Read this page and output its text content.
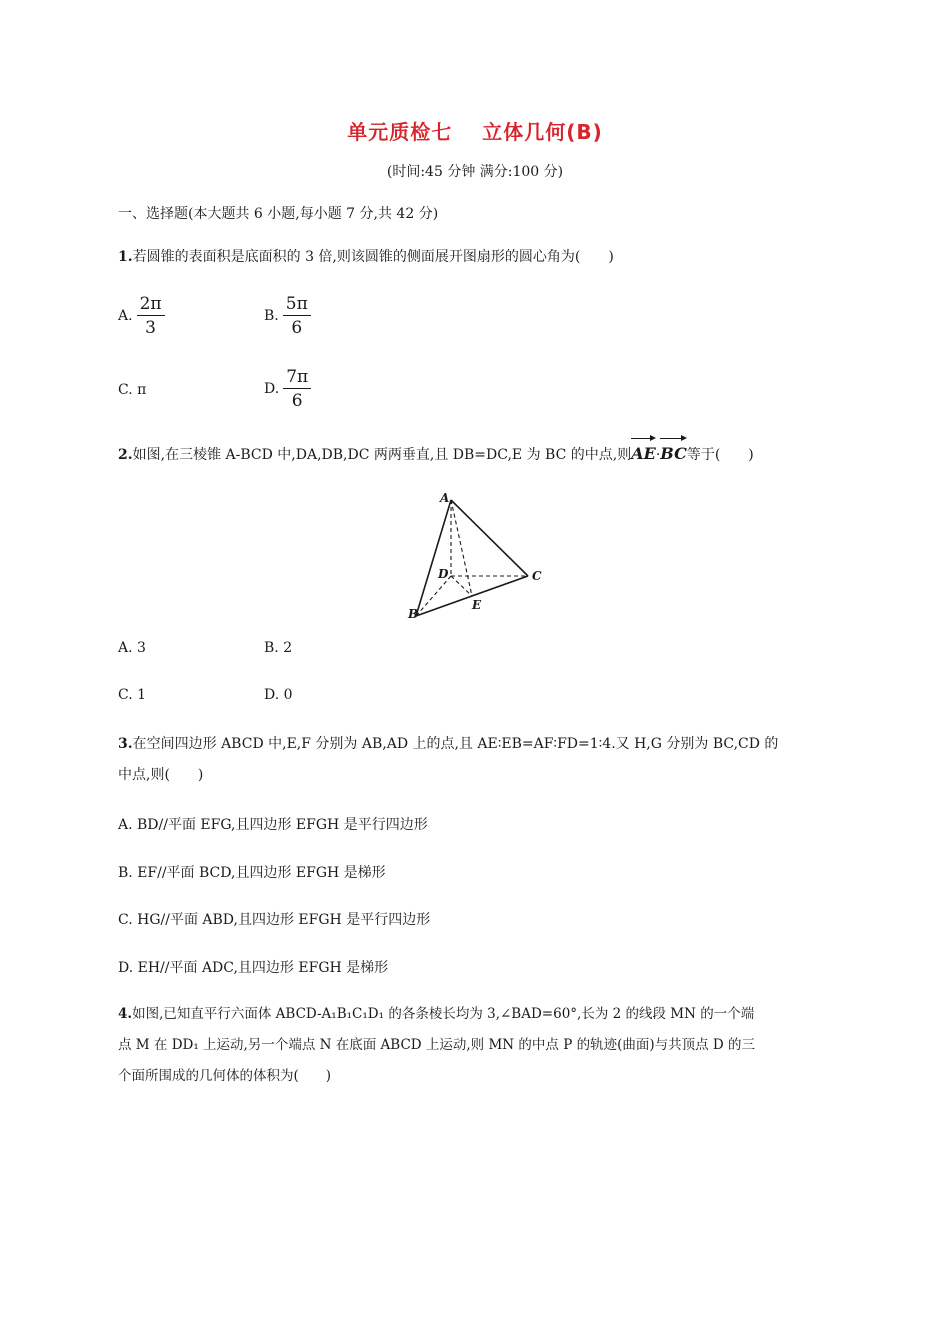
单元质检七 立体几何(B)
(时间:45 分钟 满分:100 分)
一、选择题(本大题共 6 小题,每小题 7 分,共 42 分)
1.若圆锥的表面积是底面积的 3 倍,则该圆锥的侧面展开图扇形的圆心角为(　　)
A. $\frac{2\pi}{3}$	B. $\frac{5\pi}{6}$
C. π	D. $\frac{7\pi}{6}$
2.如图,在三棱锥 A-BCD 中,DA,DB,DC 两两垂直,且 DB=DC,E 为 BC 的中点,则AE·BC等于(　　)
A
B
C
D
E
A. 3	B. 2
C. 1	D. 0
3.在空间四边形 ABCD 中,E,F 分别为 AB,AD 上的点,且 AE∶EB=AF∶FD=1∶4.又 H,G 分别为 BC,CD 的
中点,则(　　)
A. BD//平面 EFG,且四边形 EFGH 是平行四边形
B. EF//平面 BCD,且四边形 EFGH 是梯形
C. HG//平面 ABD,且四边形 EFGH 是平行四边形
D. EH//平面 ADC,且四边形 EFGH 是梯形
4.如图,已知直平行六面体 ABCD-A₁B₁C₁D₁ 的各条棱长均为 3,∠BAD=60°,长为 2 的线段 MN 的一个端
点 M 在 DD₁ 上运动,另一个端点 N 在底面 ABCD 上运动,则 MN 的中点 P 的轨迹(曲面)与共顶点 D 的三
个面所围成的几何体的体积为(　　)
